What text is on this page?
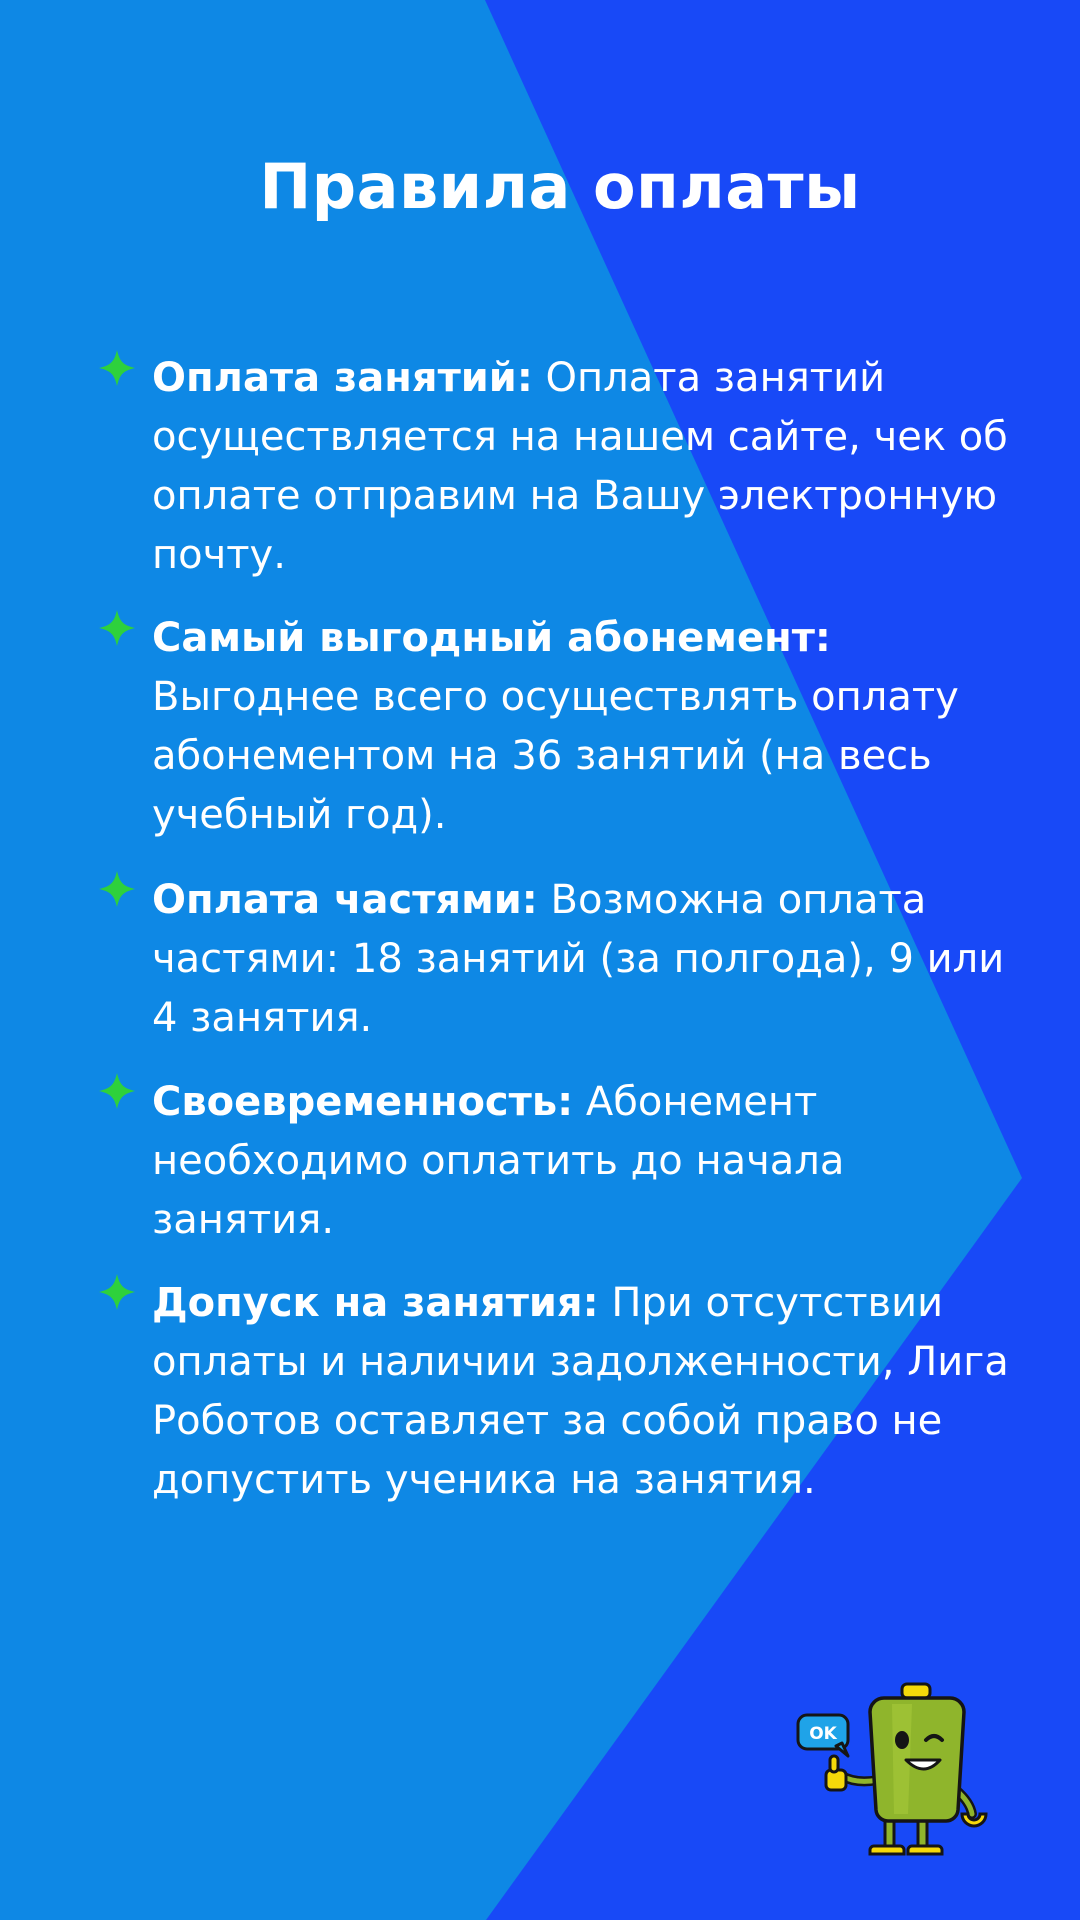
Правила оплаты

Оплата занятий: Оплата занятий осуществляется на нашем сайте, чек об оплате отправим на Вашу электронную почту.

Самый выгодный абонемент: Выгоднее всего осуществлять оплату абонементом на 36 занятий (на весь учебный год).

Оплата частями: Возможна оплата частями: 18 занятий (за полгода), 9 или 4 занятия.

Своевременность: Абонемент необходимо оплатить до начала занятия.

Допуск на занятия: При отсутствии оплаты и наличии задолженности, Лига Роботов оставляет за собой право не допустить ученика на занятия.

OK
